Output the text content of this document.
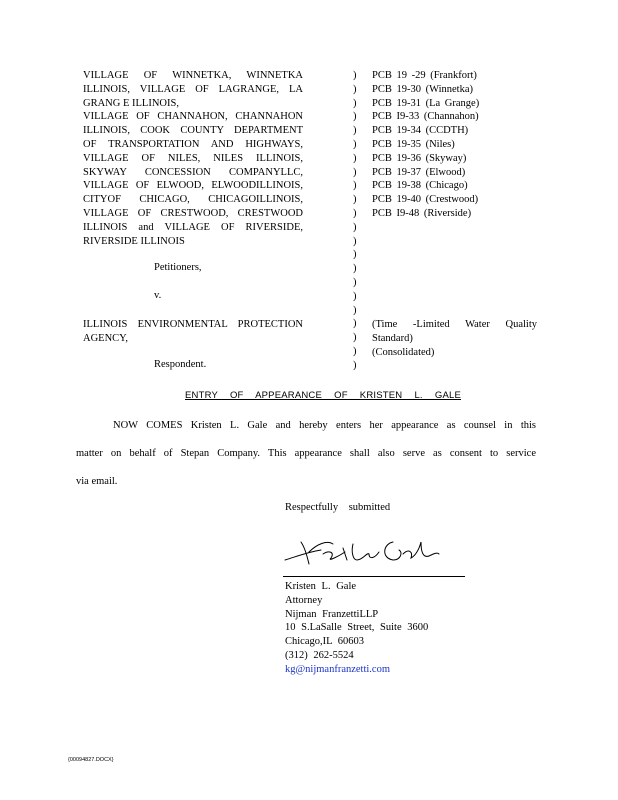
VILLAGE OF WINNETKA, WINNETKA
ILLINOIS, VILLAGE OF LAGRANGE, LA
GRANG E ILLINOIS,
VILLAGE OF CHANNAHON, CHANNAHON
ILLINOIS, COOK COUNTY DEPARTMENT
OF TRANSPORTATION AND HIGHWAYS,
VILLAGE OF NILES, NILES ILLINOIS,
SKYWAY CONCESSION COMPANYLLC,
VILLAGE OF ELWOOD, ELWOODILLINOIS,
CITYOF CHICAGO, CHICAGOILLINOIS,
VILLAGE OF CRESTWOOD, CRESTWOOD
ILLINOIS and VILLAGE OF RIVERSIDE,
RIVERSIDE ILLINOIS
)
)
)
)
)
)
)
)
)
)
)
)
)
)
)
)
)
)
)
)
)
)
PCB 19 -29 (Frankfort)
PCB 19-30 (Winnetka)
PCB 19-31 (La Grange)
PCB I9-33 (Channahon)
PCB 19-34 (CCDTH)
PCB 19-35 (Niles)
PCB 19-36 (Skyway)
PCB 19-37 (Elwood)
PCB 19-38 (Chicago)
PCB 19-40 (Crestwood)
PCB I9-48 (Riverside)
Petitioners,
v.
ILLINOIS ENVIRONMENTAL PROTECTION
AGENCY,
Respondent.
(Time -Limited Water Quality
Standard)
(Consolidated)
ENTRY OF APPEARANCE OF KRISTEN L. GALE
NOW COMES Kristen L. Gale and hereby enters her appearance as counsel in this
matter on behalf of Stepan Company. This appearance shall also serve as consent to service
via email.
Respectfully submitted
Kristen L. Gale
Attorney
Nijman FranzettiLLP
10 S.LaSalle Street, Suite 3600
Chicago,IL 60603
(312) 262-5524
kg@nijmanfranzetti.com
{00094827.DOCX}
